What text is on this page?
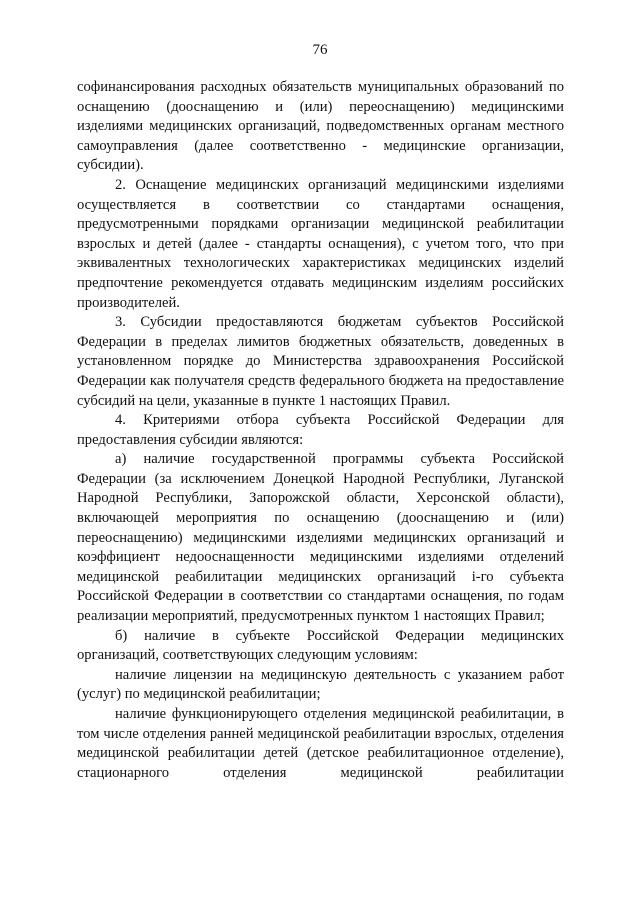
76

софинансирования расходных обязательств муниципальных образований по оснащению (дооснащению и (или) переоснащению) медицинскими изделиями медицинских организаций, подведомственных органам местного самоуправления (далее соответственно - медицинские организации, субсидии).

2. Оснащение медицинских организаций медицинскими изделиями осуществляется в соответствии со стандартами оснащения, предусмотренными порядками организации медицинской реабилитации взрослых и детей (далее - стандарты оснащения), с учетом того, что при эквивалентных технологических характеристиках медицинских изделий предпочтение рекомендуется отдавать медицинским изделиям российских производителей.

3. Субсидии предоставляются бюджетам субъектов Российской Федерации в пределах лимитов бюджетных обязательств, доведенных в установленном порядке до Министерства здравоохранения Российской Федерации как получателя средств федерального бюджета на предоставление субсидий на цели, указанные в пункте 1 настоящих Правил.

4. Критериями отбора субъекта Российской Федерации для предоставления субсидии являются:

а) наличие государственной программы субъекта Российской Федерации (за исключением Донецкой Народной Республики, Луганской Народной Республики, Запорожской области, Херсонской области), включающей мероприятия по оснащению (дооснащению и (или) переоснащению) медицинскими изделиями медицинских организаций и коэффициент недооснащенности медицинскими изделиями отделений медицинской реабилитации медицинских организаций i-го субъекта Российской Федерации в соответствии со стандартами оснащения, по годам реализации мероприятий, предусмотренных пунктом 1 настоящих Правил;

б) наличие в субъекте Российской Федерации медицинских организаций, соответствующих следующим условиям:

наличие лицензии на медицинскую деятельность с указанием работ (услуг) по медицинской реабилитации;

наличие функционирующего отделения медицинской реабилитации, в том числе отделения ранней медицинской реабилитации взрослых, отделения медицинской реабилитации детей (детское реабилитационное отделение), стационарного отделения медицинской реабилитации
